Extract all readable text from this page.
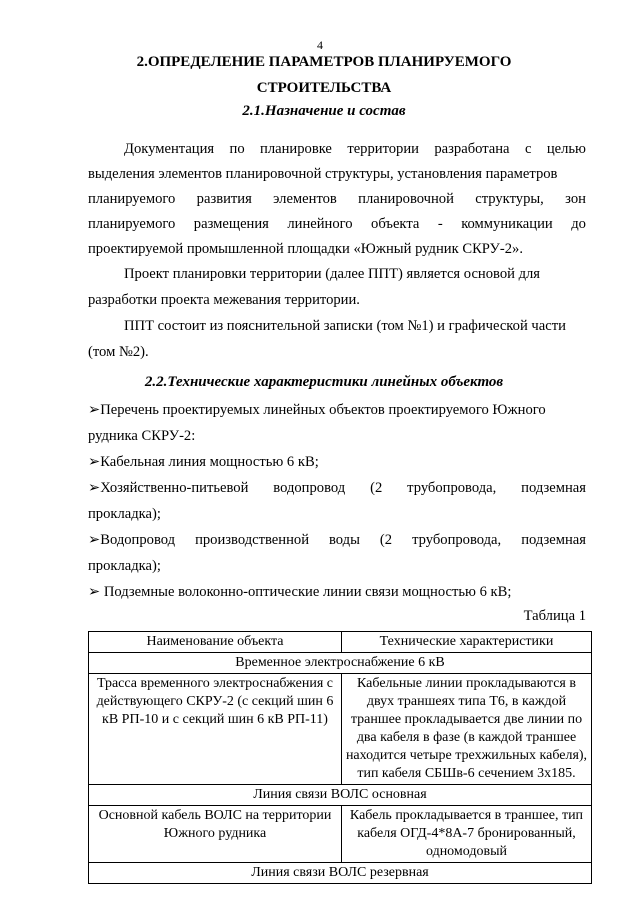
4
2.ОПРЕДЕЛЕНИЕ ПАРАМЕТРОВ ПЛАНИРУЕМОГО
СТРОИТЕЛЬСТВА
2.1.Назначение и состав
Документация по планировке территории разработана с целью
выделения элементов планировочной структуры, установления параметров
планируемого развития элементов планировочной структуры, зон
планируемого размещения линейного объекта - коммуникации до
проектируемой промышленной площадки «Южный рудник СКРУ-2».
Проект планировки территории (далее ППТ) является основой для
разработки проекта межевания территории.
ППТ состоит из пояснительной записки (том №1) и графической части
(том №2).
2.2.Технические характеристики линейных объектов
➢Перечень проектируемых линейных объектов проектируемого Южного
рудника СКРУ-2:
➢Кабельная линия мощностью 6 кВ;
➢Хозяйственно-питьевой водопровод (2 трубопровода, подземная
прокладка);
➢Водопровод производственной воды (2 трубопровода, подземная
прокладка);
➢ Подземные волоконно-оптические линии связи мощностью 6 кВ;
Таблица 1
Наименование объекта	Технические характеристики
Временное электроснабжение 6 кВ	
Трасса временного электроснабжения с действующего СКРУ-2 (с секций шин 6 кВ РП-10 и с секций шин 6 кВ РП-11)	Кабельные линии прокладываются в двух траншеях типа Т6, в каждой траншее прокладывается две линии по два кабеля в фазе (в каждой траншее находится четыре трехжильных кабеля), тип кабеля СБШв-6 сечением 3х185.
Линия связи ВОЛС основная	
Основной кабель ВОЛС на территории Южного рудника	Кабель прокладывается в траншее, тип кабеля ОГД-4*8А-7 бронированный, одномодовый
Линия связи ВОЛС резервная	
